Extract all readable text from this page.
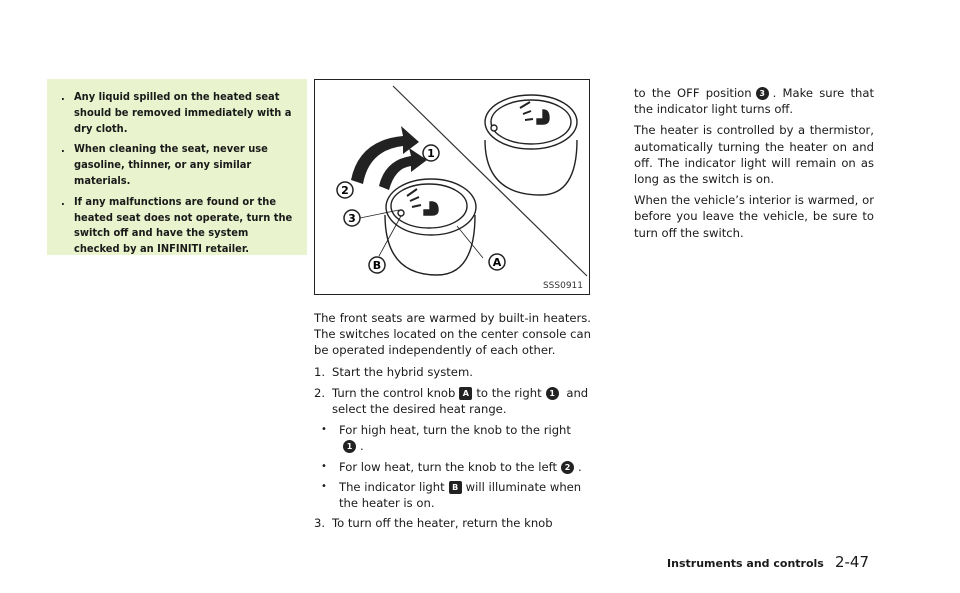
. Any liquid spilled on the heated seat should be removed immediately with a dry cloth.
. When cleaning the seat, never use gasoline, thinner, or any similar materials.
. If any malfunctions are found or the heated seat does not operate, turn the switch off and have the system checked by an INFINITI retailer.
1
2
3
A
B
SSS0911

The front seats are warmed by built-in heaters. The switches located on the center console can be operated independently of each other.

1. Start the hybrid system.
2. Turn the control knob A to the right 1 and select the desired heat range.
• For high heat, turn the knob to the right1 .
• For low heat, turn the knob to the left 2 .
• The indicator light B will illuminate when the heater is on.
3. To turn off the heater, return the knob

to the OFF position 3 . Make sure that the indicator light turns off.

The heater is controlled by a thermistor, automatically turning the heater on and off. The indicator light will remain on as long as the switch is on.

When the vehicle’s interior is warmed, or before you leave the vehicle, be sure to turn off the switch.

Instruments and controls 2-47
